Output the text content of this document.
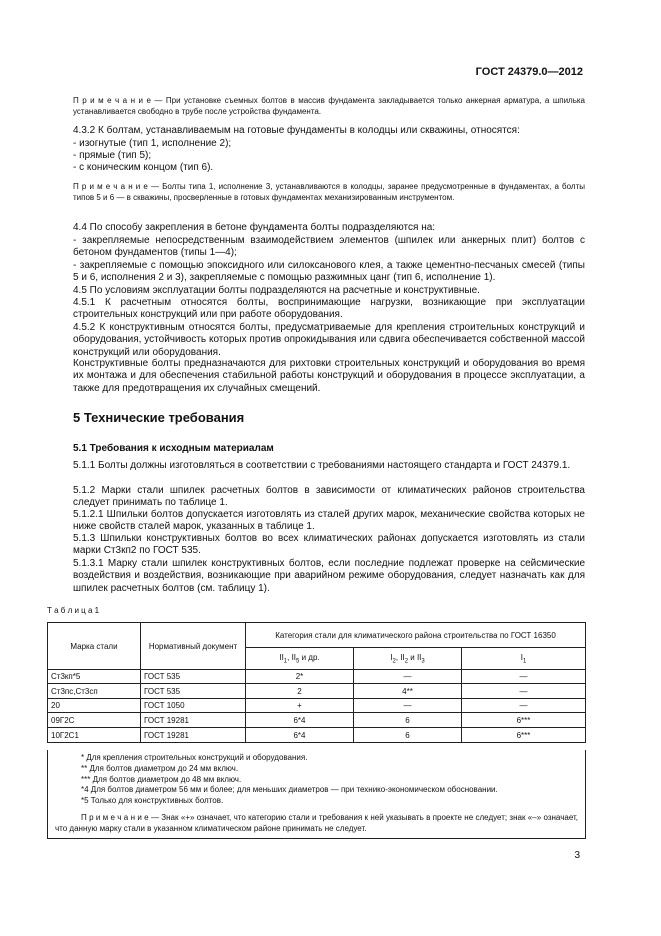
ГОСТ 24379.0—2012
П р и м е ч а н и е — При установке съемных болтов в массив фундамента закладывается только анкерная арматура, а шпилька устанавливается свободно в трубе после устройства фундамента.
4.3.2 К болтам, устанавливаемым на готовые фундаменты в колодцы или скважины, относятся:
- изогнутые (тип 1, исполнение 2);
- прямые (тип 5);
- с коническим концом (тип 6).
П р и м е ч а н и е — Болты типа 1, исполнение 3, устанавливаются в колодцы, заранее предусмотренные в фундаментах, а болты типов 5 и 6 — в скважины, просверленные в готовых фундаментах механизированным инструментом.
4.4 По способу закрепления в бетоне фундамента болты подразделяются на:
- закрепляемые непосредственным взаимодействием элементов (шпилек или анкерных плит) болтов с бетоном фундаментов (типы 1—4);
- закрепляемые с помощью эпоксидного или силоксанового клея, а также цементно-песчаных смесей (типы 5 и 6, исполнения 2 и 3), закрепляемые с помощью разжимных цанг (тип 6, исполнение 1).
4.5 По условиям эксплуатации болты подразделяются на расчетные и конструктивные.
4.5.1 К расчетным относятся болты, воспринимающие нагрузки, возникающие при эксплуатации строительных конструкций или при работе оборудования.
4.5.2 К конструктивным относятся болты, предусматриваемые для крепления строительных конструкций и оборудования, устойчивость которых против опрокидывания или сдвига обеспечивается собственной массой конструкций или оборудования.
Конструктивные болты предназначаются для рихтовки строительных конструкций и оборудования во время их монтажа и для обеспечения стабильной работы конструкций и оборудования в процессе эксплуатации, а также для предотвращения их случайных смещений.
5 Технические требования
5.1 Требования к исходным материалам
5.1.1 Болты должны изготовляться в соответствии с требованиями настоящего стандарта и ГОСТ 24379.1.
5.1.2 Марки стали шпилек расчетных болтов в зависимости от климатических районов строительства следует принимать по таблице 1.
5.1.2.1 Шпильки болтов допускается изготовлять из сталей других марок, механические свойства которых не ниже свойств сталей марок, указанных в таблице 1.
5.1.3 Шпильки конструктивных болтов во всех климатических районах допускается изготовлять из стали марки Ст3кп2 по ГОСТ 535.
5.1.3.1 Марку стали шпилек конструктивных болтов, если последние подлежат проверке на сейсмические воздействия и воздействия, возникающие при аварийном режиме оборудования, следует назначать как для шпилек расчетных болтов (см. таблицу 1).
Т а б л и ц а 1
Марка стали	Нормативный документ	Категория стали для климатического района строительства по ГОСТ 16350		
		$II_1$, $II_5$ и др.	$I_2$, $II_2$ и $II_3$	$I_1$
Ст3кп*5	ГОСТ 535	2*	—	—
Ст3пс,Ст3сп	ГОСТ 535	2	4**	—
20	ГОСТ 1050	+	—	—
09Г2С	ГОСТ 19281	6*4	6	6***
10Г2С1	ГОСТ 19281	6*4	6	6***
* Для крепления строительных конструкций и оборудования.
** Для болтов диаметром до 24 мм включ.
*** Для болтов диаметром до 48 мм включ.
*4 Для болтов диаметром 56 мм и более; для меньших диаметров — при технико-экономическом обосновании.
*5 Только для конструктивных болтов.
П р и м е ч а н и е — Знак «+» означает, что категорию стали и требования к ней указывать в проекте не следует; знак «–» означает, что данную марку стали в указанном климатическом районе принимать не следует.
3
